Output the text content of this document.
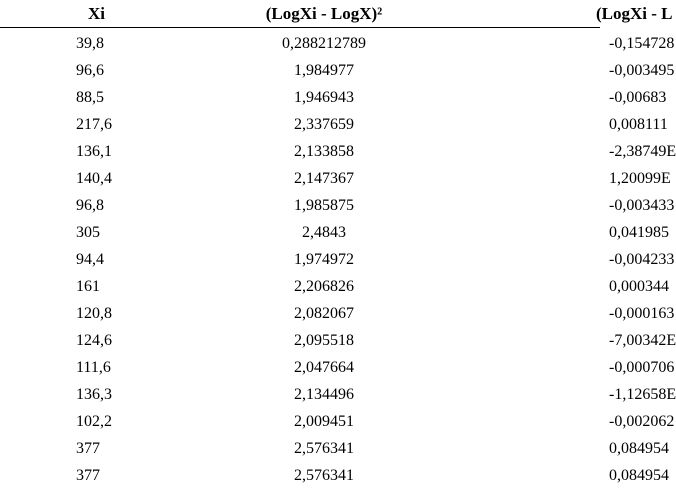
Xi	(LogXi - LogX)²	(LogXi - L
39,8	0,288212789	-0,154728
96,6	1,984977	-0,003495
88,5	1,946943	-0,00683
217,6	2,337659	0,008111
136,1	2,133858	-2,38749E
140,4	2,147367	1,20099E
96,8	1,985875	-0,003433
305	2,4843	0,041985
94,4	1,974972	-0,004233
161	2,206826	0,000344
120,8	2,082067	-0,000163
124,6	2,095518	-7,00342E
111,6	2,047664	-0,000706
136,3	2,134496	-1,12658E
102,2	2,009451	-0,002062
377	2,576341	0,084954
377	2,576341	0,084954
